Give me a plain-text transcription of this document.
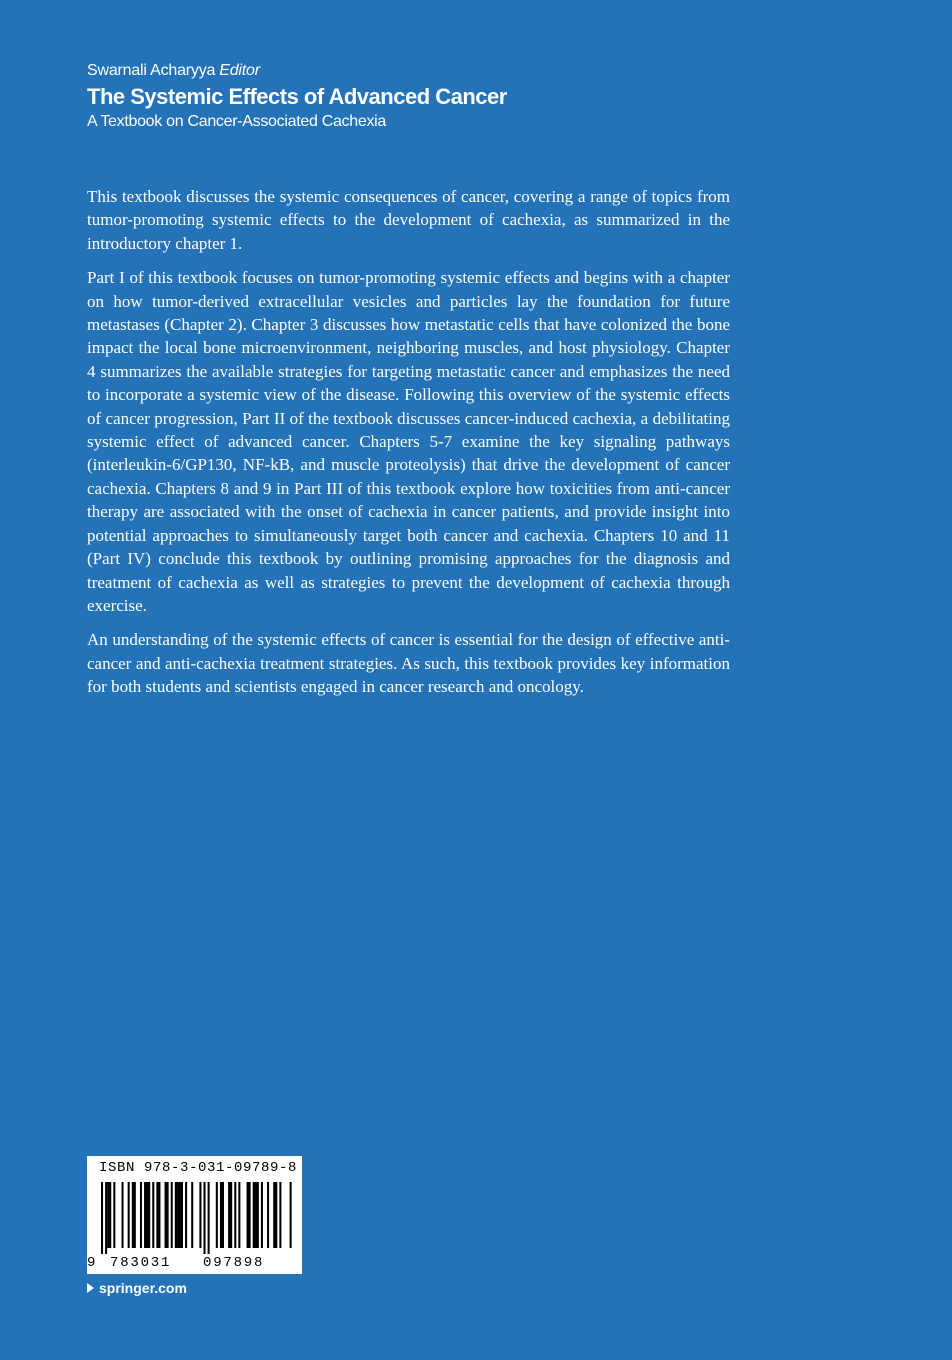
Swarnali Acharyya Editor
The Systemic Effects of Advanced Cancer
A Textbook on Cancer-Associated Cachexia

This textbook discusses the systemic consequences of cancer, covering a range of topics from tumor-promoting systemic effects to the development of cachexia, as summarized in the introductory chapter 1.

Part I of this textbook focuses on tumor-promoting systemic effects and begins with a chapter on how tumor-derived extracellular vesicles and particles lay the foundation for future metastases (Chapter 2). Chapter 3 discusses how metastatic cells that have colonized the bone impact the local bone microenvironment, neighboring muscles, and host physiology. Chapter 4 summarizes the available strategies for targeting metastatic cancer and emphasizes the need to incorporate a systemic view of the disease. Following this overview of the systemic effects of cancer progression, Part II of the textbook discusses cancer-induced cachexia, a debilitating systemic effect of advanced cancer. Chapters 5-7 examine the key signaling pathways (interleukin-6/GP130, NF-kB, and muscle proteolysis) that drive the development of cancer cachexia. Chapters 8 and 9 in Part III of this textbook explore how toxicities from anti-cancer therapy are associated with the onset of cachexia in cancer patients, and provide insight into potential approaches to simultaneously target both cancer and cachexia. Chapters 10 and 11 (Part IV) conclude this textbook by outlining promising approaches for the diagnosis and treatment of cachexia as well as strategies to prevent the development of cachexia through exercise.

An understanding of the systemic effects of cancer is essential for the design of effective anti-cancer and anti-cachexia treatment strategies. As such, this textbook provides key information for both students and scientists engaged in cancer research and oncology.

ISBN 978-3-031-09789-8
9 783031 097898
springer.com
